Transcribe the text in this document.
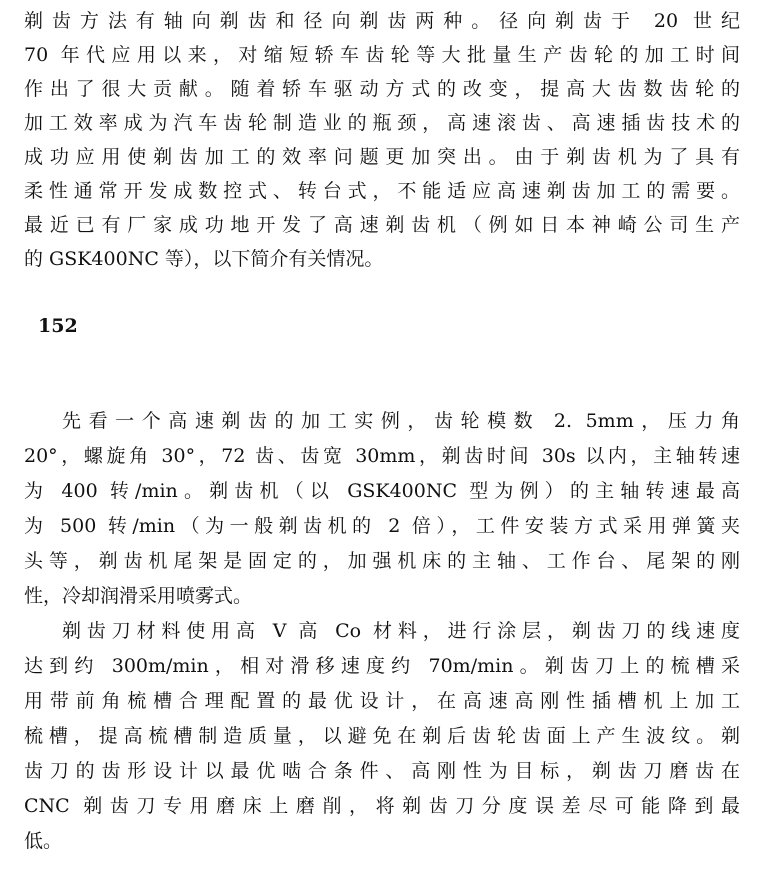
剃齿方法有轴向剃齿和径向剃齿两种。径向剃齿于 20 世纪
70 年代应用以来，对缩短轿车齿轮等大批量生产齿轮的加工时间
作出了很大贡献。随着轿车驱动方式的改变，提高大齿数齿轮的
加工效率成为汽车齿轮制造业的瓶颈，高速滚齿、高速插齿技术的
成功应用使剃齿加工的效率问题更加突出。由于剃齿机为了具有
柔性通常开发成数控式、转台式，不能适应高速剃齿加工的需要。
最近已有厂家成功地开发了高速剃齿机（例如日本神崎公司生产
的 GSK400NC 等），以下简介有关情况。
152
先看一个高速剃齿的加工实例，齿轮模数 2. 5mm，压力角
20°，螺旋角 30°，72 齿、齿宽 30mm，剃齿时间 30s 以内，主轴转速
为 400 转/min。剃齿机（以 GSK400NC 型为例）的主轴转速最高
为 500 转/min（为一般剃齿机的 2 倍），工件安装方式采用弹簧夹
头等，剃齿机尾架是固定的，加强机床的主轴、工作台、尾架的刚
性，冷却润滑采用喷雾式。
剃齿刀材料使用高 V 高 Co 材料，进行涂层，剃齿刀的线速度
达到约 300m/min，相对滑移速度约 70m/min。剃齿刀上的梳槽采
用带前角梳槽合理配置的最优设计，在高速高刚性插槽机上加工
梳槽，提高梳槽制造质量，以避免在剃后齿轮齿面上产生波纹。剃
齿刀的齿形设计以最优啮合条件、高刚性为目标，剃齿刀磨齿在
CNC 剃齿刀专用磨床上磨削，将剃齿刀分度误差尽可能降到最
低。
